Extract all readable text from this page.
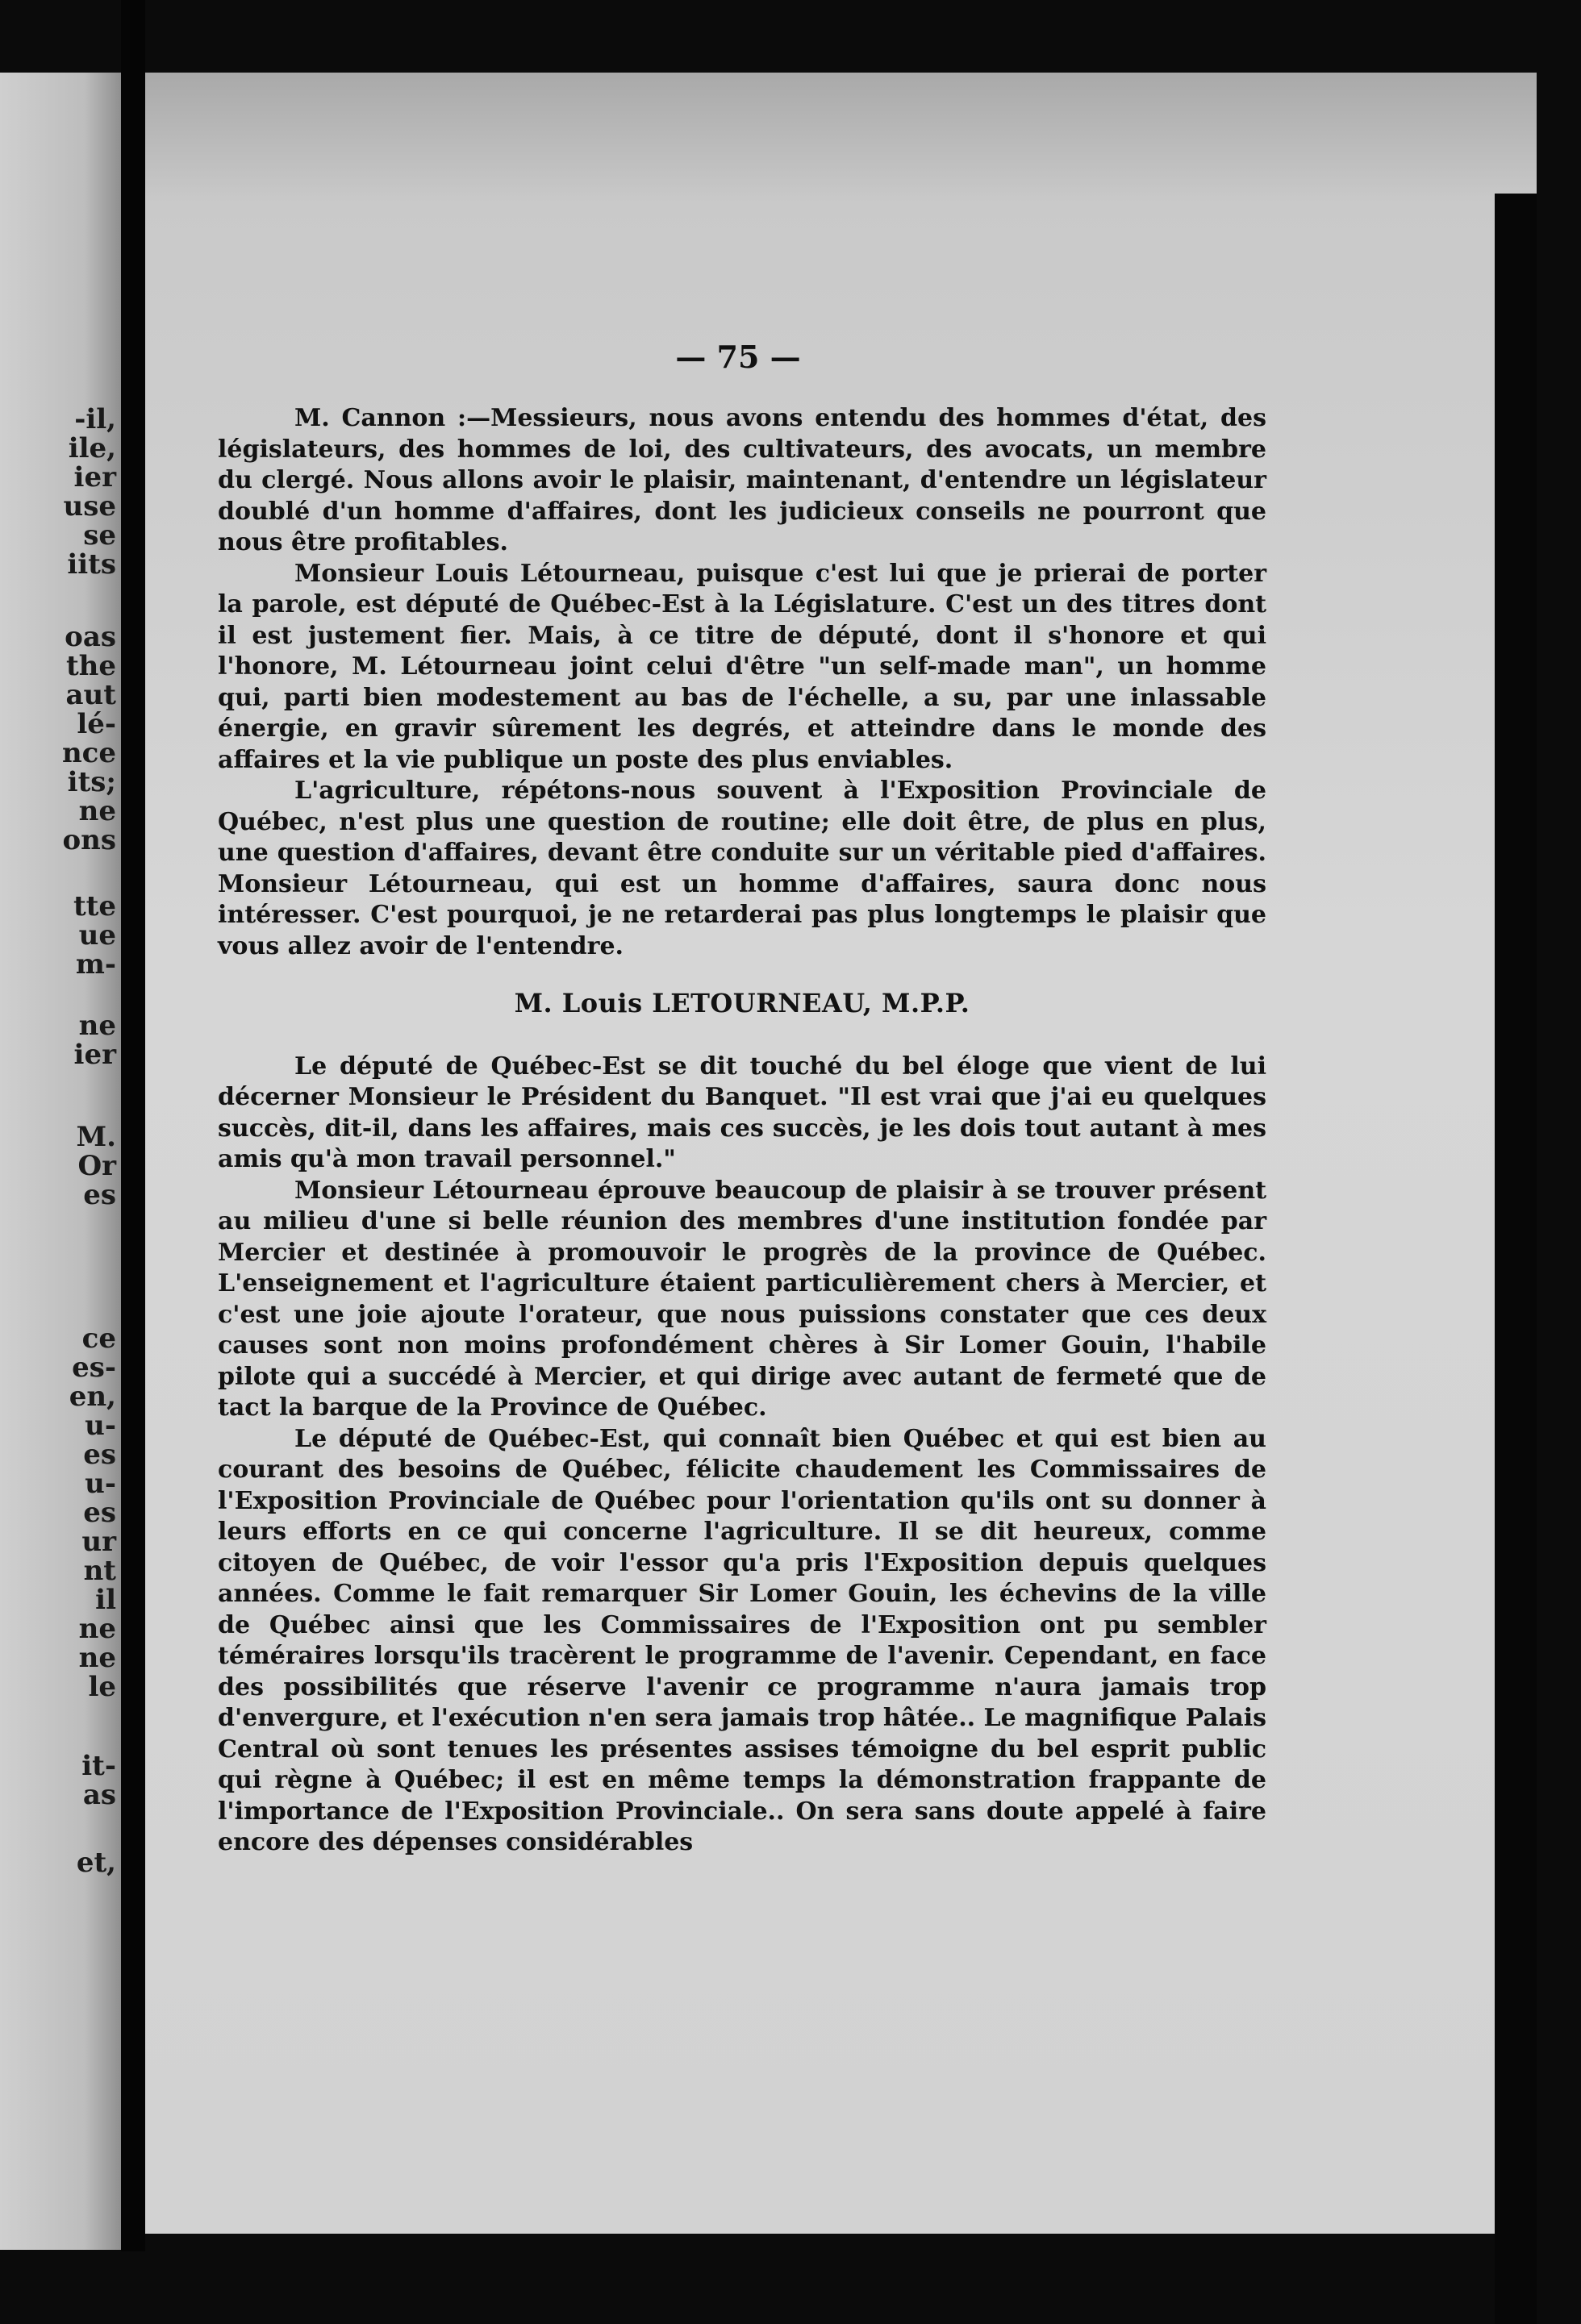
-il,
ile,
ier
use
se
iits
oas
the
aut
lé-
nce
its;
ne
ons
tte
ue
m-
ne
ier
M.
Or
es
ce
es-
en,
u-
es
u-
es
ur
nt
il
ne
ne
le
it-
as
et,
— 75 —

M. Cannon :—Messieurs, nous avons entendu des hommes d'état, des législateurs, des hommes de loi, des cultivateurs, des avocats, un membre du clergé. Nous allons avoir le plaisir, maintenant, d'entendre un législateur doublé d'un homme d'affaires, dont les judicieux conseils ne pourront que nous être profitables.

Monsieur Louis Létourneau, puisque c'est lui que je prierai de porter la parole, est député de Québec-Est à la Législature. C'est un des titres dont il est justement fier. Mais, à ce titre de député, dont il s'honore et qui l'honore, M. Létourneau joint celui d'être "un self-made man", un homme qui, parti bien modestement au bas de l'échelle, a su, par une inlassable énergie, en gravir sûrement les degrés, et atteindre dans le monde des affaires et la vie publique un poste des plus enviables.

L'agriculture, répétons-nous souvent à l'Exposition Provinciale de Québec, n'est plus une question de routine; elle doit être, de plus en plus, une question d'affaires, devant être conduite sur un véritable pied d'affaires. Monsieur Létourneau, qui est un homme d'affaires, saura donc nous intéresser. C'est pourquoi, je ne retarderai pas plus longtemps le plaisir que vous allez avoir de l'entendre.

M. Louis LETOURNEAU, M.P.P.

Le député de Québec-Est se dit touché du bel éloge que vient de lui décerner Monsieur le Président du Banquet. "Il est vrai que j'ai eu quelques succès, dit-il, dans les affaires, mais ces succès, je les dois tout autant à mes amis qu'à mon travail personnel."

Monsieur Létourneau éprouve beaucoup de plaisir à se trouver présent au milieu d'une si belle réunion des membres d'une institution fondée par Mercier et destinée à promouvoir le progrès de la province de Québec. L'enseignement et l'agriculture étaient particulièrement chers à Mercier, et c'est une joie ajoute l'orateur, que nous puissions constater que ces deux causes sont non moins profondément chères à Sir Lomer Gouin, l'habile pilote qui a succédé à Mercier, et qui dirige avec autant de fermeté que de tact la barque de la Province de Québec.

Le député de Québec-Est, qui connaît bien Québec et qui est bien au courant des besoins de Québec, félicite chaudement les Commissaires de l'Exposition Provinciale de Québec pour l'orientation qu'ils ont su donner à leurs efforts en ce qui concerne l'agriculture. Il se dit heureux, comme citoyen de Québec, de voir l'essor qu'a pris l'Exposition depuis quelques années. Comme le fait remarquer Sir Lomer Gouin, les échevins de la ville de Québec ainsi que les Commissaires de l'Exposition ont pu sembler téméraires lorsqu'ils tracèrent le programme de l'avenir. Cependant, en face des possibilités que réserve l'avenir ce programme n'aura jamais trop d'envergure, et l'exécution n'en sera jamais trop hâtée.. Le magnifique Palais Central où sont tenues les présentes assises témoigne du bel esprit public qui règne à Québec; il est en même temps la démonstration frappante de l'importance de l'Exposition Provinciale.. On sera sans doute appelé à faire encore des dépenses considérables
